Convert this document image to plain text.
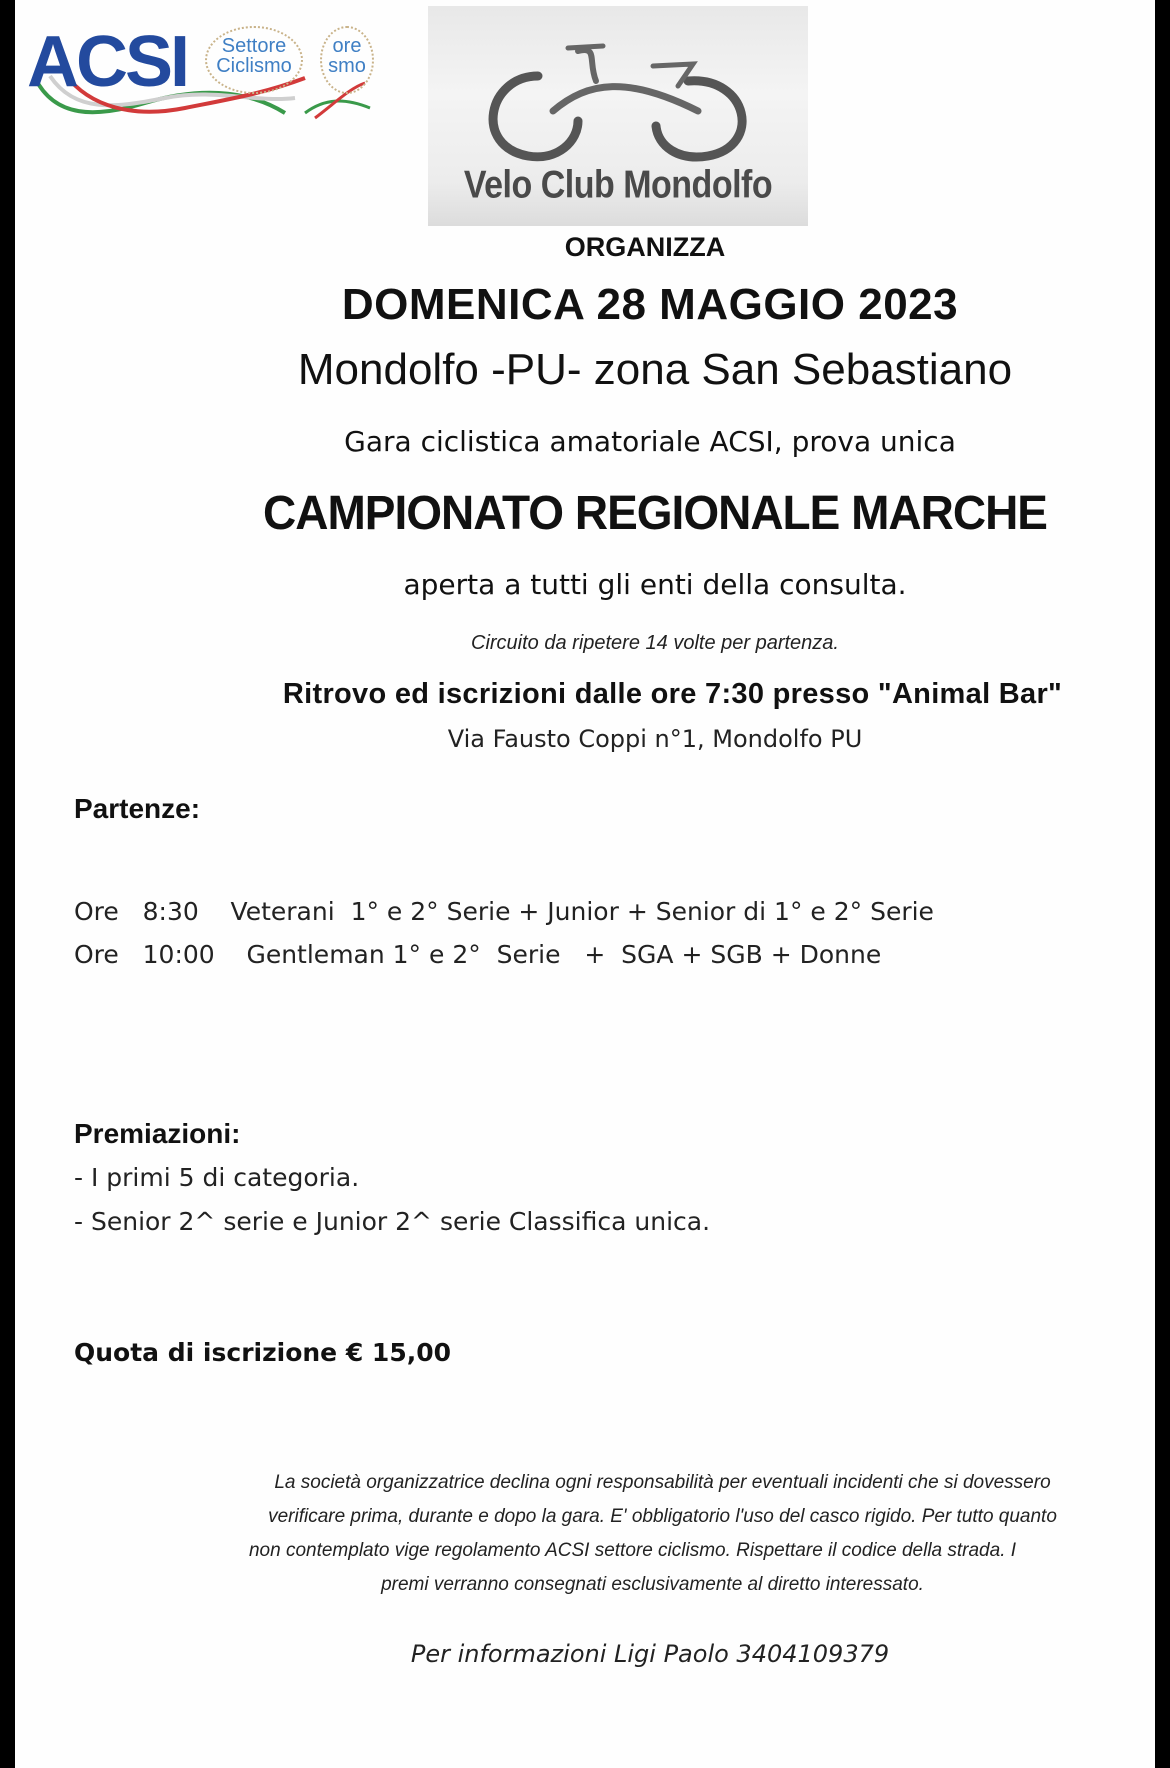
ACSI	Settore
Ciclismo
ore
smo
Velo Club Mondolfo
ORGANIZZA
DOMENICA 28 MAGGIO 2023
Mondolfo -PU- zona San Sebastiano
Gara ciclistica amatoriale ACSI, prova unica
CAMPIONATO REGIONALE MARCHE
aperta a tutti gli enti della consulta.
Circuito da ripetere 14 volte per partenza.
Ritrovo ed iscrizioni dalle ore 7:30 presso "Animal Bar"
Via Fausto Coppi n°1, Mondolfo PU
Partenze:
Ore   8:30    Veterani  1° e 2° Serie + Junior + Senior di 1° e 2° Serie
Ore   10:00    Gentleman 1° e 2°  Serie   +  SGA + SGB + Donne
Premiazioni:
- I primi 5 di categoria.
- Senior 2^ serie e Junior 2^ serie Classifica unica.
Quota di iscrizione € 15,00
La società organizzatrice declina ogni responsabilità per eventuali incidenti che si dovessero
verificare prima, durante e dopo la gara. E' obbligatorio l'uso del casco rigido. Per tutto quanto
non contemplato vige regolamento ACSI settore ciclismo. Rispettare il codice della strada. I
premi verranno consegnati esclusivamente al diretto interessato.
Per informazioni Ligi Paolo 3404109379
